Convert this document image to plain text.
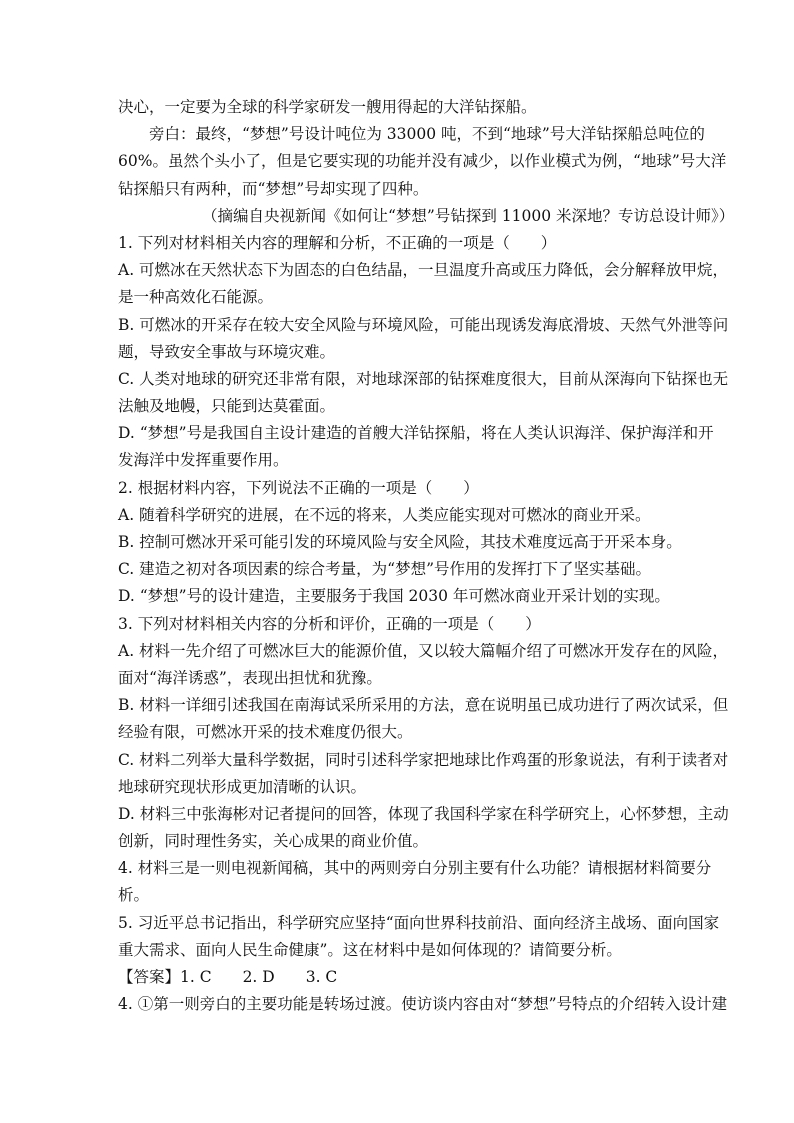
决心，一定要为全球的科学家研发一艘用得起的大洋钻探船。
旁白：最终，“梦想”号设计吨位为 33000 吨，不到“地球”号大洋钻探船总吨位的
60%。虽然个头小了，但是它要实现的功能并没有减少，以作业模式为例，“地球”号大洋
钻探船只有两种，而“梦想”号却实现了四种。
（摘编自央视新闻《如何让“梦想”号钻探到 11000 米深地？专访总设计师》）
1. 下列对材料相关内容的理解和分析，不正确的一项是（　　）
A. 可燃冰在天然状态下为固态的白色结晶，一旦温度升高或压力降低，会分解释放甲烷，
是一种高效化石能源。
B. 可燃冰的开采存在较大安全风险与环境风险，可能出现诱发海底滑坡、天然气外泄等问
题，导致安全事故与环境灾难。
C. 人类对地球的研究还非常有限，对地球深部的钻探难度很大，目前从深海向下钻探也无
法触及地幔，只能到达莫霍面。
D. “梦想”号是我国自主设计建造的首艘大洋钻探船，将在人类认识海洋、保护海洋和开
发海洋中发挥重要作用。
2. 根据材料内容，下列说法不正确的一项是（　　）
A. 随着科学研究的进展，在不远的将来，人类应能实现对可燃冰的商业开采。
B. 控制可燃冰开采可能引发的环境风险与安全风险，其技术难度远高于开采本身。
C. 建造之初对各项因素的综合考量，为“梦想”号作用的发挥打下了坚实基础。
D. “梦想”号的设计建造，主要服务于我国 2030 年可燃冰商业开采计划的实现。
3. 下列对材料相关内容的分析和评价，正确的一项是（　　）
A. 材料一先介绍了可燃冰巨大的能源价值，又以较大篇幅介绍了可燃冰开发存在的风险，
面对“海洋诱惑”，表现出担忧和犹豫。
B. 材料一详细引述我国在南海试采所采用的方法，意在说明虽已成功进行了两次试采，但
经验有限，可燃冰开采的技术难度仍很大。
C. 材料二列举大量科学数据，同时引述科学家把地球比作鸡蛋的形象说法，有利于读者对
地球研究现状形成更加清晰的认识。
D. 材料三中张海彬对记者提问的回答，体现了我国科学家在科学研究上，心怀梦想，主动
创新，同时理性务实，关心成果的商业价值。
4. 材料三是一则电视新闻稿，其中的两则旁白分别主要有什么功能？请根据材料简要分
析。
5. 习近平总书记指出，科学研究应坚持“面向世界科技前沿、面向经济主战场、面向国家
重大需求、面向人民生命健康”。这在材料中是如何体现的？请简要分析。
【答案】1. C　　2. D　　3. C
4. ①第一则旁白的主要功能是转场过渡。使访谈内容由对“梦想”号特点的介绍转入设计建
